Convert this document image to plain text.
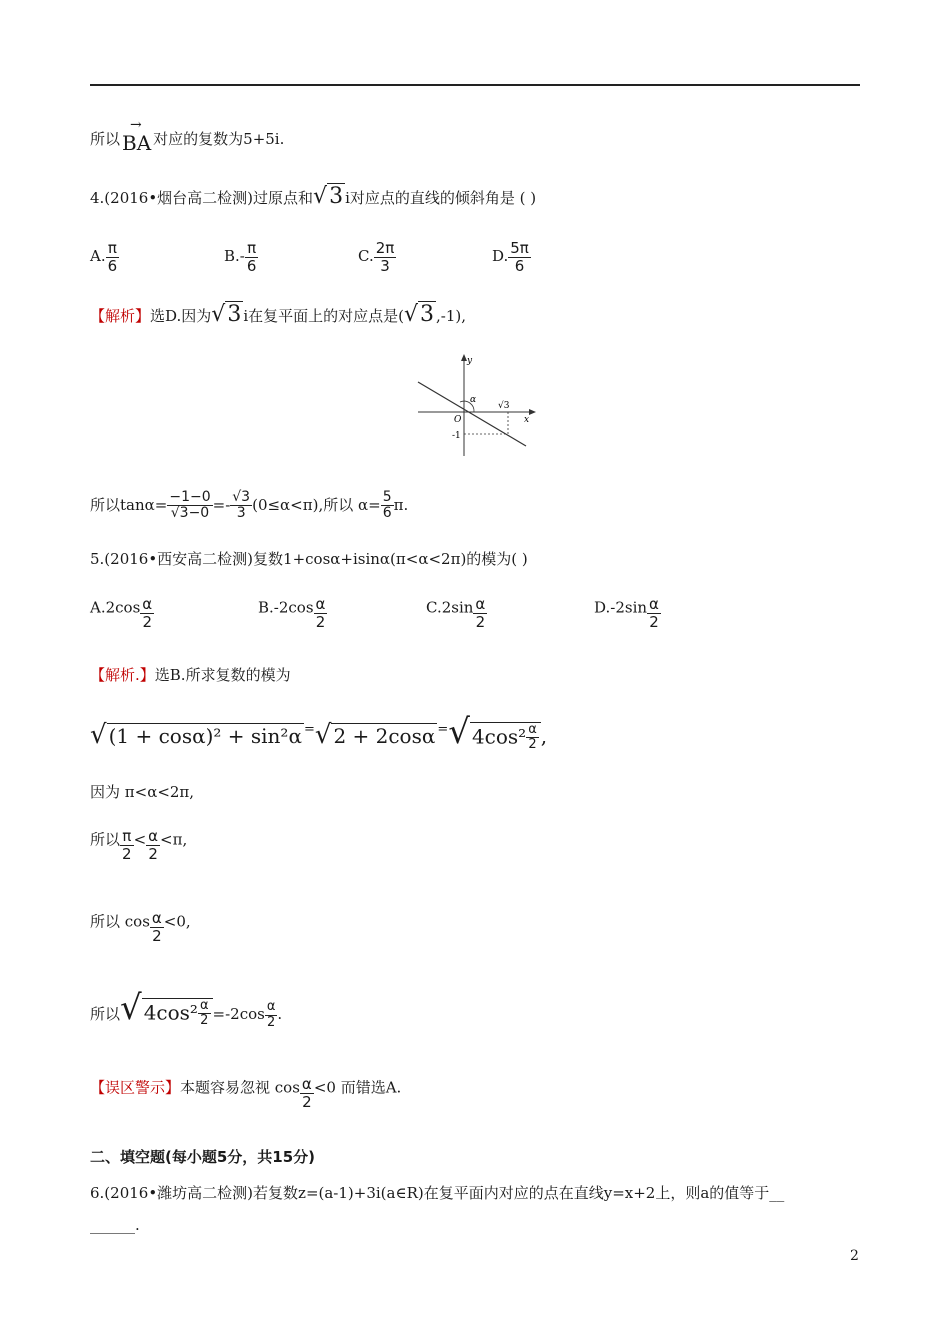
所以
→
BA 对应的复数为5+5i.
4.(2016•烟台高二检测)过原点和√3 i对应点的直线的倾斜角是 ( )
A. $\frac{\pi}{6}$	$B.- \frac{\pi}{6}$	C. $\frac{2\pi}{3}$	D. $\frac{5\pi}{6}$
【解析】选D.因为√3 i在复平面上的对应点是(√3 ,-1),
y
x
O
α
√3
-1
所以$\tan\alpha= \frac{-1-0}{√3-0} =- \frac{√3}{3} (0\le\alpha<\pi)$,所以 $\alpha= \frac{5}{6} \pi$.
5.(2016•西安高二检测)复数1+cosα+isinα(π<α<2π)的模为( )
$A.2\cos \frac{\alpha}{2}$	$B.-2\cos \frac{\alpha}{2}$	$C.2\sin \frac{\alpha}{2}$	$D.-2\sin \frac{\alpha}{2}$
【解析.】选B.所求复数的模为
√ (1 + cosα)² + sin²α =√ 2 + 2cosα =√ $4\cos^2 \frac{\alpha}{2}$ ,
因为 π<α<2π,
所以 $\frac{\pi}{2} < \frac{\alpha}{2} <\pi$,
所以 $\cos \frac{\alpha}{2} <0$,
所以√ $4\cos^2 \frac{\alpha}{2} =-2\cos \frac{\alpha}{2}$ .
【误区警示】本题容易忽视 $\cos \frac{\alpha}{2} <0$ 而错选A.
二、填空题(每小题5分，共15分)
6.(2016•潍坊高二检测)若复数z=(a-1)+3i(a∈R)在复平面内对应的点在直线y=x+2上，则a的值等于__
______.
2
